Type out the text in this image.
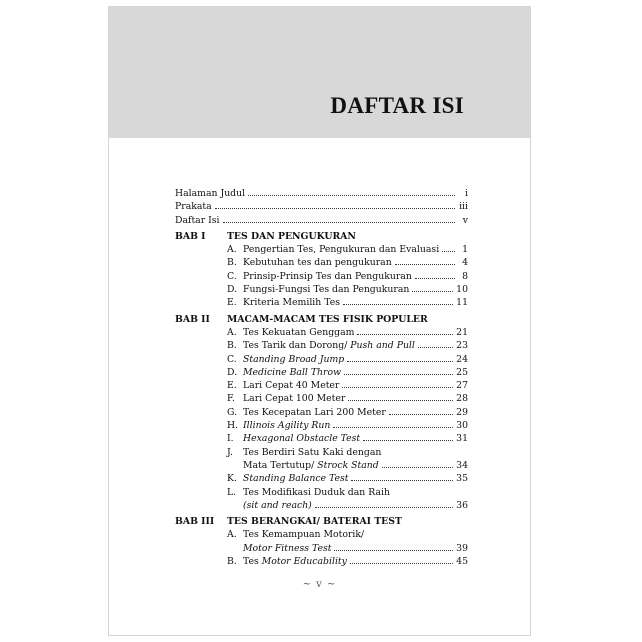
DAFTAR ISI
Halaman Judul	i
Prakata	iii
Daftar Isi	v
BAB I	TES DAN PENGUKURAN
A. Pengertian Tes, Pengukuran dan Evaluasi	1
B. Kebutuhan tes dan pengukuran	4
C. Prinsip-Prinsip Tes dan Pengukuran	8
D. Fungsi-Fungsi Tes dan Pengukuran	10
E. Kriteria Memilih Tes	11
BAB II	MACAM-MACAM TES FISIK POPULER
A. Tes Kekuatan Genggam	21
B. Tes Tarik dan Dorong/ Push and Pull	23
C. Standing Broad Jump	24
D. Medicine Ball Throw	25
E. Lari Cepat 40 Meter	27
F. Lari Cepat 100 Meter	28
G. Tes Kecepatan Lari 200 Meter	29
H. Illinois Agility Run	30
I.	Hexagonal Obstacle Test	31
J.	Tes Berdiri Satu Kaki dengan
Mata Tertutup/ Strock Stand	34
K. Standing Balance Test	35
L. Tes Modifikasi Duduk dan Raih
(sit and reach)	36
BAB III	TES BERANGKAI/ BATERAI TEST
A. Tes Kemampuan Motorik/
Motor Fitness Test	39
B. Tes Motor Educability	45
~ v ~
